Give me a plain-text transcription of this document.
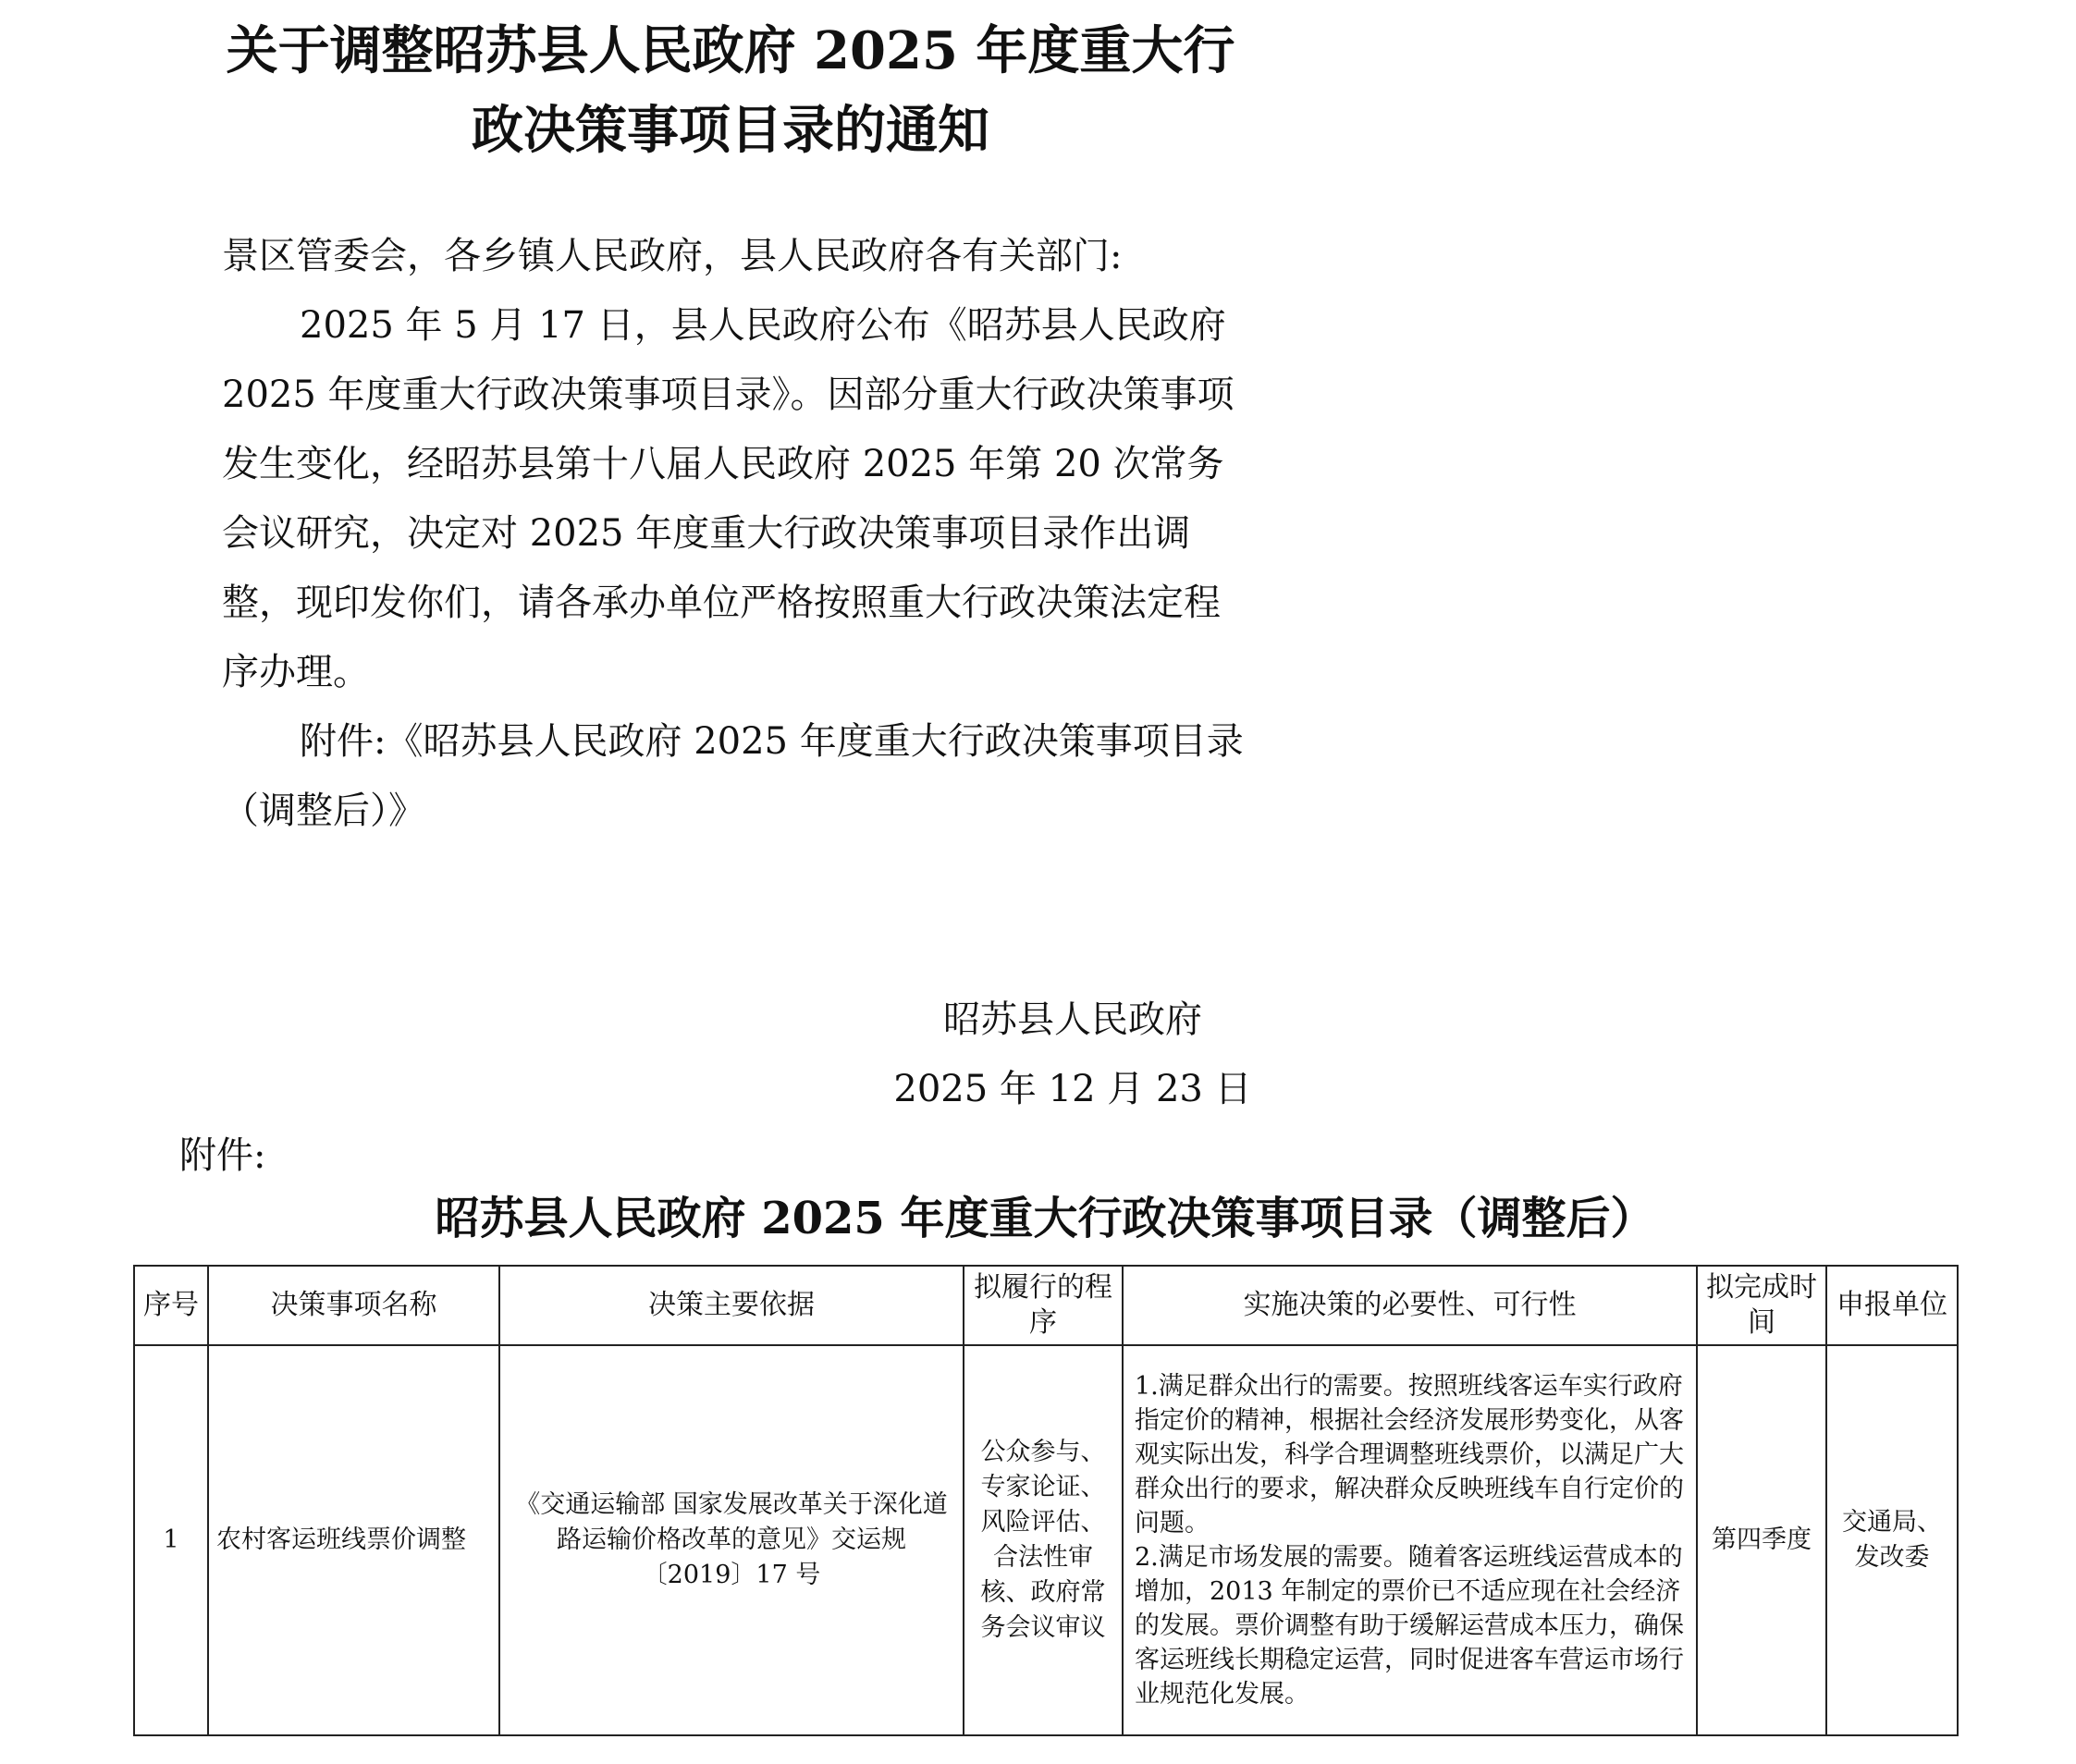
关于调整昭苏县人民政府 2025 年度重大行
政决策事项目录的通知

景区管委会，各乡镇人民政府，县人民政府各有关部门:

2025 年 5 月 17 日，县人民政府公布《昭苏县人民政府 2025 年度重大行政决策事项目录》。因部分重大行政决策事项发生变化，经昭苏县第十八届人民政府 2025 年第 20 次常务会议研究，决定对 2025 年度重大行政决策事项目录作出调整，现印发你们，请各承办单位严格按照重大行政决策法定程序办理。

附件:《昭苏县人民政府 2025 年度重大行政决策事项目录（调整后）》

昭苏县人民政府
2025 年 12 月 23 日
附件:
昭苏县人民政府 2025 年度重大行政决策事项目录（调整后）
序号	决策事项名称	决策主要依据	拟履行的程序	实施决策的必要性、可行性	拟完成时间	申报单位
1	农村客运班线票价调整	《交通运输部 国家发展改革关于深化道路运输价格改革的意见》交运规〔2019〕17 号	公众参与、专家论证、风险评估、合法性审核、政府常务会议审议	1.满足群众出行的需要。按照班线客运车实行政府指定价的精神，根据社会经济发展形势变化，从客观实际出发，科学合理调整班线票价，以满足广大群众出行的要求，解决群众反映班线车自行定价的问题。
2.满足市场发展的需要。随着客运班线运营成本的增加，2013 年制定的票价已不适应现在社会经济的发展。票价调整有助于缓解运营成本压力，确保客运班线长期稳定运营，同时促进客车营运市场行业规范化发展。	第四季度	交通局、发改委
